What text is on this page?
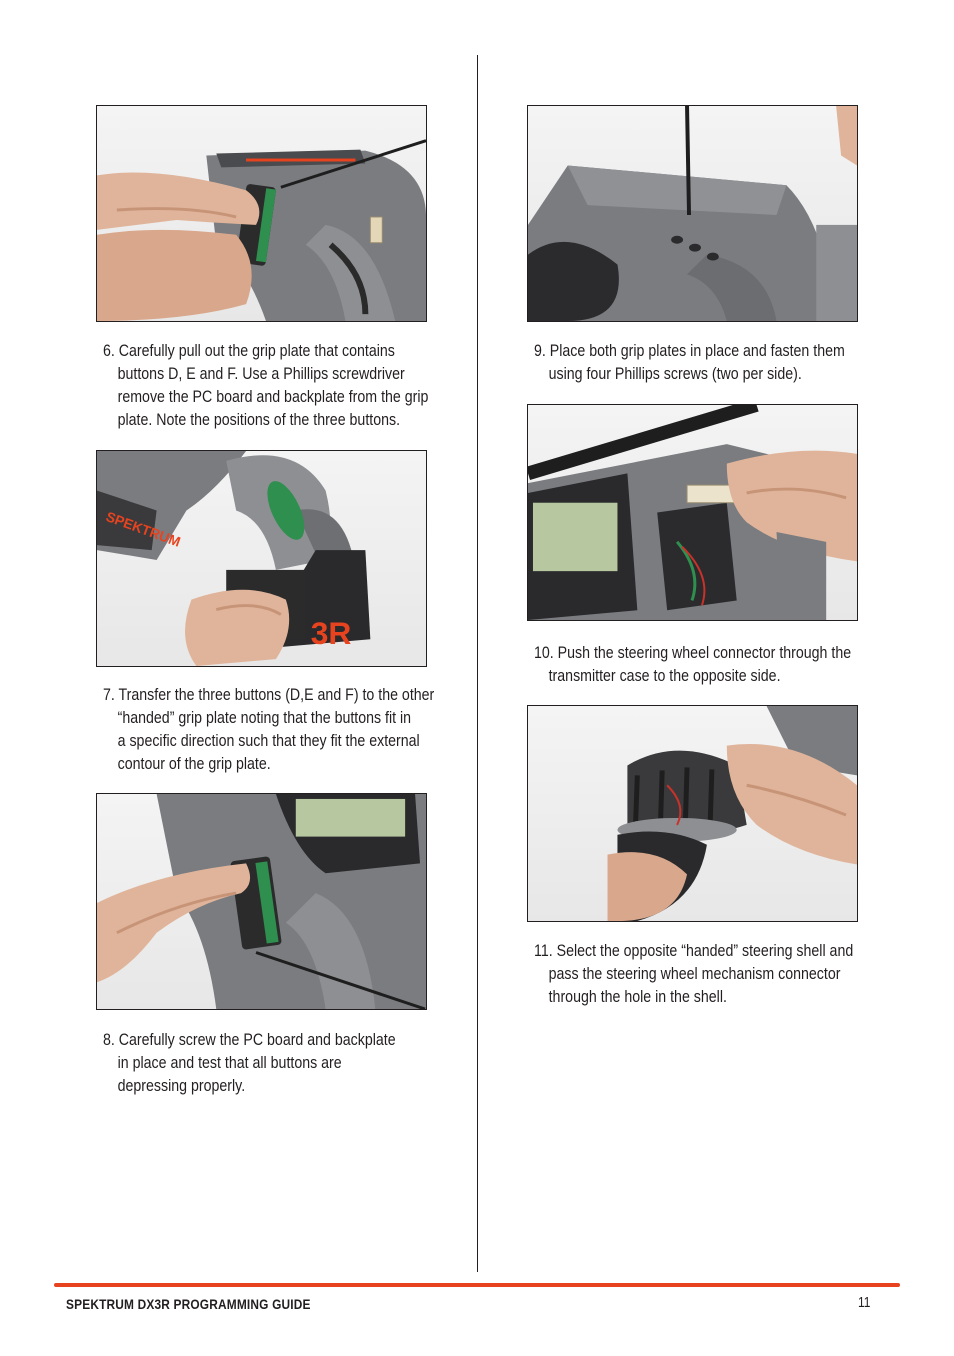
6. Carefully pull out the grip plate that contains
buttons D, E and F. Use a Phillips screwdriver
remove the PC board and backplate from the grip
plate. Note the positions of the three buttons.

SPEKTRUM
3R

7. Transfer the three buttons (D,E and F) to the other
“handed” grip plate noting that the buttons fit in
a specific direction such that they fit the external
contour of the grip plate.

8. Carefully screw the PC board and backplate
in place and test that all buttons are
depressing properly.

9. Place both grip plates in place and fasten them
using four Phillips screws (two per side).

10. Push the steering wheel connector through the
transmitter case to the opposite side.

11. Select the opposite “handed” steering shell and
pass the steering wheel mechanism connector
through the hole in the shell.

SPEKTRUM DX3R PROGRAMMING GUIDE	11
